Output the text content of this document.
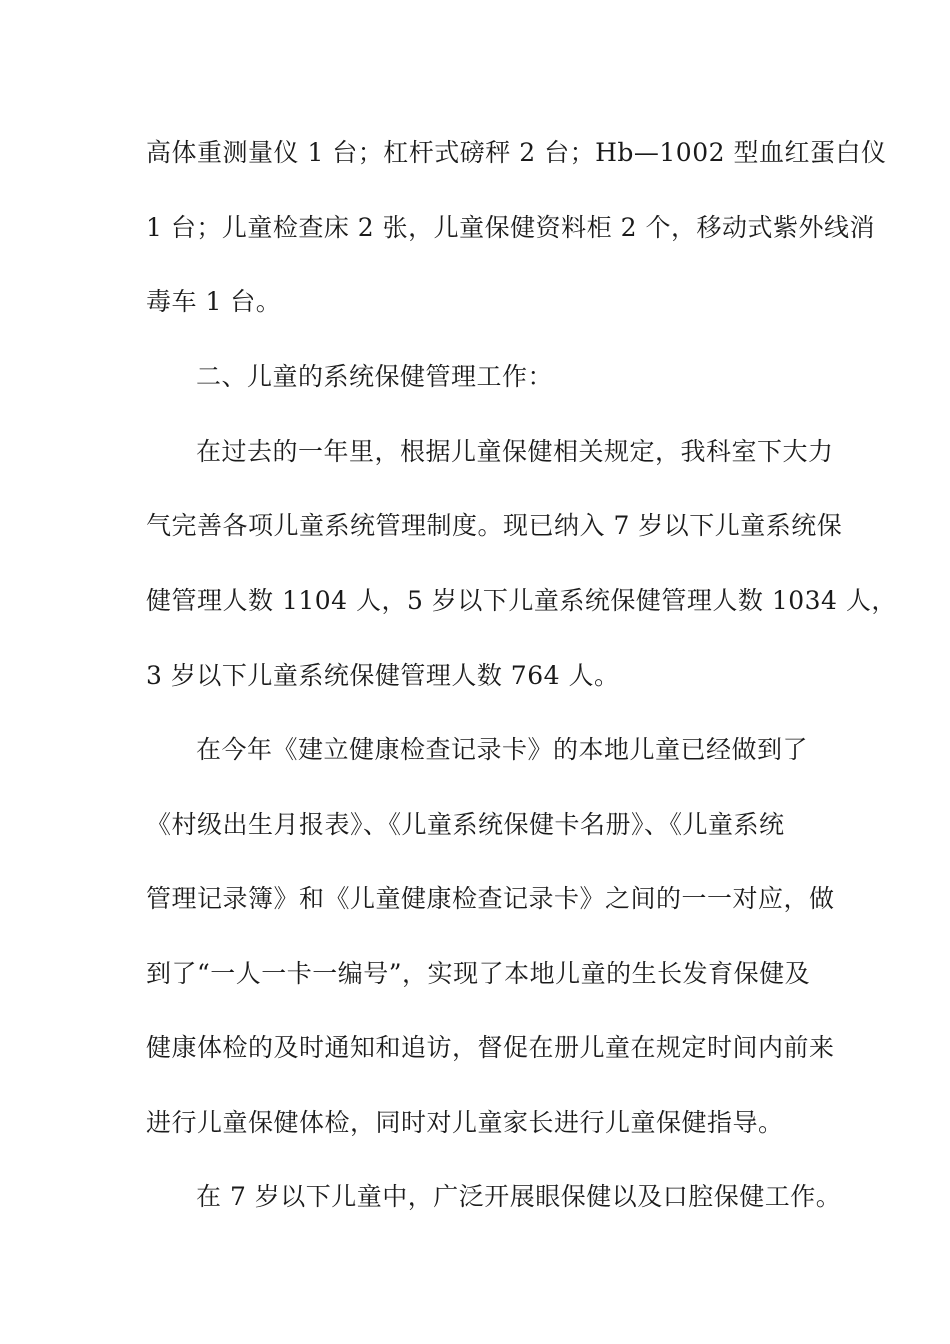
高体重测量仪 1 台；杠杆式磅秤 2 台；Hb—1002 型血红蛋白仪
1 台；儿童检查床 2 张，儿童保健资料柜 2 个，移动式紫外线消
毒车 1 台。
二、儿童的系统保健管理工作：
在过去的一年里，根据儿童保健相关规定，我科室下大力
气完善各项儿童系统管理制度。现已纳入 7 岁以下儿童系统保
健管理人数 1104 人，5 岁以下儿童系统保健管理人数 1034 人，
3 岁以下儿童系统保健管理人数 764 人。
在今年《建立健康检查记录卡》的本地儿童已经做到了
《村级出生月报表》、《儿童系统保健卡名册》、《儿童系统
管理记录簿》和《儿童健康检查记录卡》之间的一一对应，做
到了“一人一卡一编号”，实现了本地儿童的生长发育保健及
健康体检的及时通知和追访，督促在册儿童在规定时间内前来
进行儿童保健体检，同时对儿童家长进行儿童保健指导。
在 7 岁以下儿童中，广泛开展眼保健以及口腔保健工作。
